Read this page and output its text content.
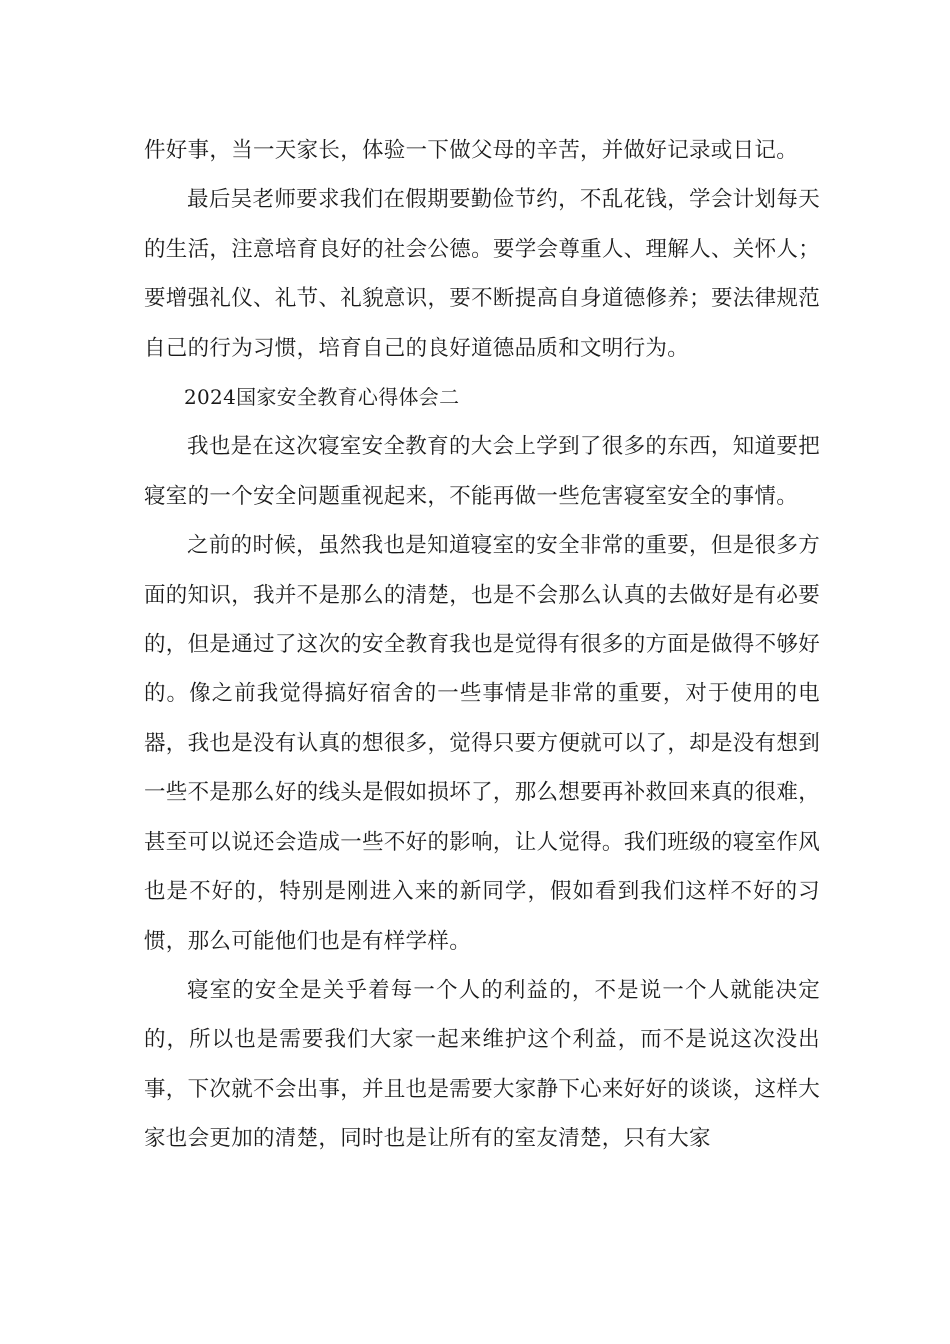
件好事，当一天家长，体验一下做父母的辛苦，并做好记录或日记。

最后吴老师要求我们在假期要勤俭节约，不乱花钱，学会计划每天的生活，注意培育良好的社会公德。要学会尊重人、理解人、关怀人；要增强礼仪、礼节、礼貌意识，要不断提高自身道德修养；要法律规范自己的行为习惯，培育自己的良好道德品质和文明行为。

2024国家安全教育心得体会二

我也是在这次寝室安全教育的大会上学到了很多的东西，知道要把寝室的一个安全问题重视起来，不能再做一些危害寝室安全的事情。

之前的时候，虽然我也是知道寝室的安全非常的重要，但是很多方面的知识，我并不是那么的清楚，也是不会那么认真的去做好是有必要的，但是通过了这次的安全教育我也是觉得有很多的方面是做得不够好的。像之前我觉得搞好宿舍的一些事情是非常的重要，对于使用的电器，我也是没有认真的想很多，觉得只要方便就可以了，却是没有想到一些不是那么好的线头是假如损坏了，那么想要再补救回来真的很难，甚至可以说还会造成一些不好的影响，让人觉得。我们班级的寝室作风也是不好的，特别是刚进入来的新同学，假如看到我们这样不好的习惯，那么可能他们也是有样学样。

寝室的安全是关乎着每一个人的利益的，不是说一个人就能决定的，所以也是需要我们大家一起来维护这个利益，而不是说这次没出事，下次就不会出事，并且也是需要大家静下心来好好的谈谈，这样大家也会更加的清楚，同时也是让所有的室友清楚，只有大家
